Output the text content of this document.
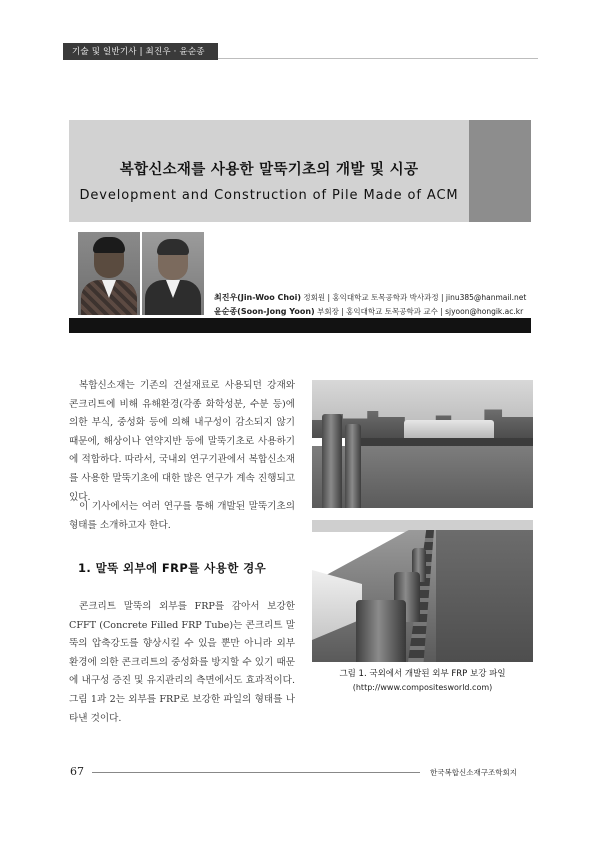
기술 및 일반기사 | 최진우 · 윤순종
복합신소재를 사용한 말뚝기초의 개발 및 시공
Development and Construction of Pile Made of ACM
최진우(Jin-Woo Choi) 정회원 | 홍익대학교 토목공학과 박사과정 | jinu385@hanmail.net
윤순종(Soon-Jong Yoon) 부회장 | 홍익대학교 토목공학과 교수 | sjyoon@hongik.ac.kr
복합신소재는 기존의 건설재료로 사용되던 강재와 콘크리트에 비해 유해환경(각종 화학성분, 수분 등)에 의한 부식, 중성화 등에 의해 내구성이 감소되지 않기 때문에, 해상이나 연약지반 등에 말뚝기초로 사용하기에 적합하다. 따라서, 국내외 연구기관에서 복합신소재를 사용한 말뚝기초에 대한 많은 연구가 계속 진행되고 있다.
이 기사에서는 여러 연구를 통해 개발된 말뚝기초의 형태를 소개하고자 한다.
1. 말뚝 외부에 FRP를 사용한 경우
콘크리트 말뚝의 외부를 FRP를 감아서 보강한 CFFT (Concrete Filled FRP Tube)는 콘크리트 말뚝의 압축강도를 향상시킬 수 있을 뿐만 아니라 외부 환경에 의한 콘크리트의 중성화를 방지할 수 있기 때문에 내구성 증진 및 유지관리의 측면에서도 효과적이다. 그림 1과 2는 외부를 FRP로 보강한 파일의 형태를 나타낸 것이다.
그림 1. 국외에서 개발된 외부 FRP 보강 파일
(http://www.compositesworld.com)
67	한국복합신소재구조학회지
